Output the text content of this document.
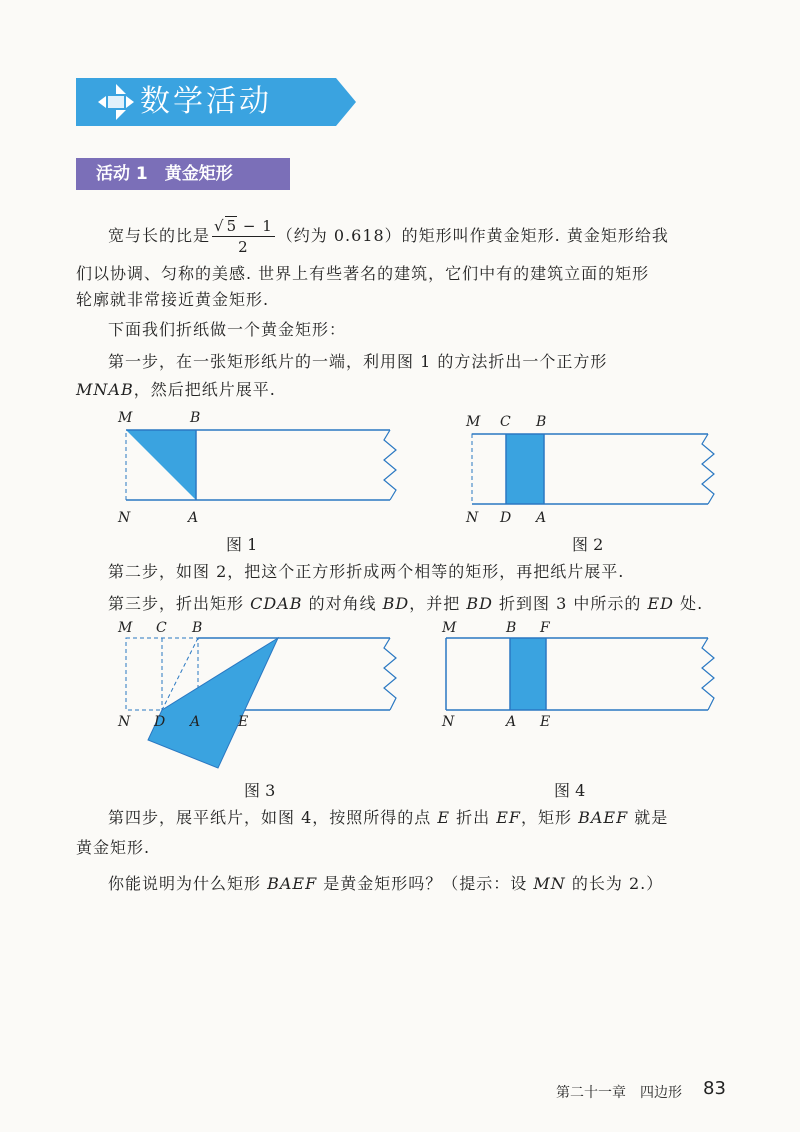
数学活动
活动 1　黄金矩形
宽与长的比是 $\frac{√ 5 - 1}{2}$ （约为 0.618）的矩形叫作黄金矩形. 黄金矩形给我
们以协调、匀称的美感. 世界上有些著名的建筑，它们中有的建筑立面的矩形
轮廓就非常接近黄金矩形.
下面我们折纸做一个黄金矩形：
第一步，在一张矩形纸片的一端，利用图 1 的方法折出一个正方形
MNAB，然后把纸片展平.
M	B
N	A
图 1
M C B
N D A
图 2
第二步，如图 2，把这个正方形折成两个相等的矩形，再把纸片展平.
第三步，折出矩形 CDAB 的对角线 BD，并把 BD 折到图 3 中所示的 ED 处.
M C B
N D A	E
图 3
M	B F
N	A E
图 4
第四步，展平纸片，如图 4，按照所得的点 E 折出 EF，矩形 BAEF 就是
黄金矩形.
你能说明为什么矩形 BAEF 是黄金矩形吗？（提示：设 MN 的长为 2.）
第二十一章　四边形 83
